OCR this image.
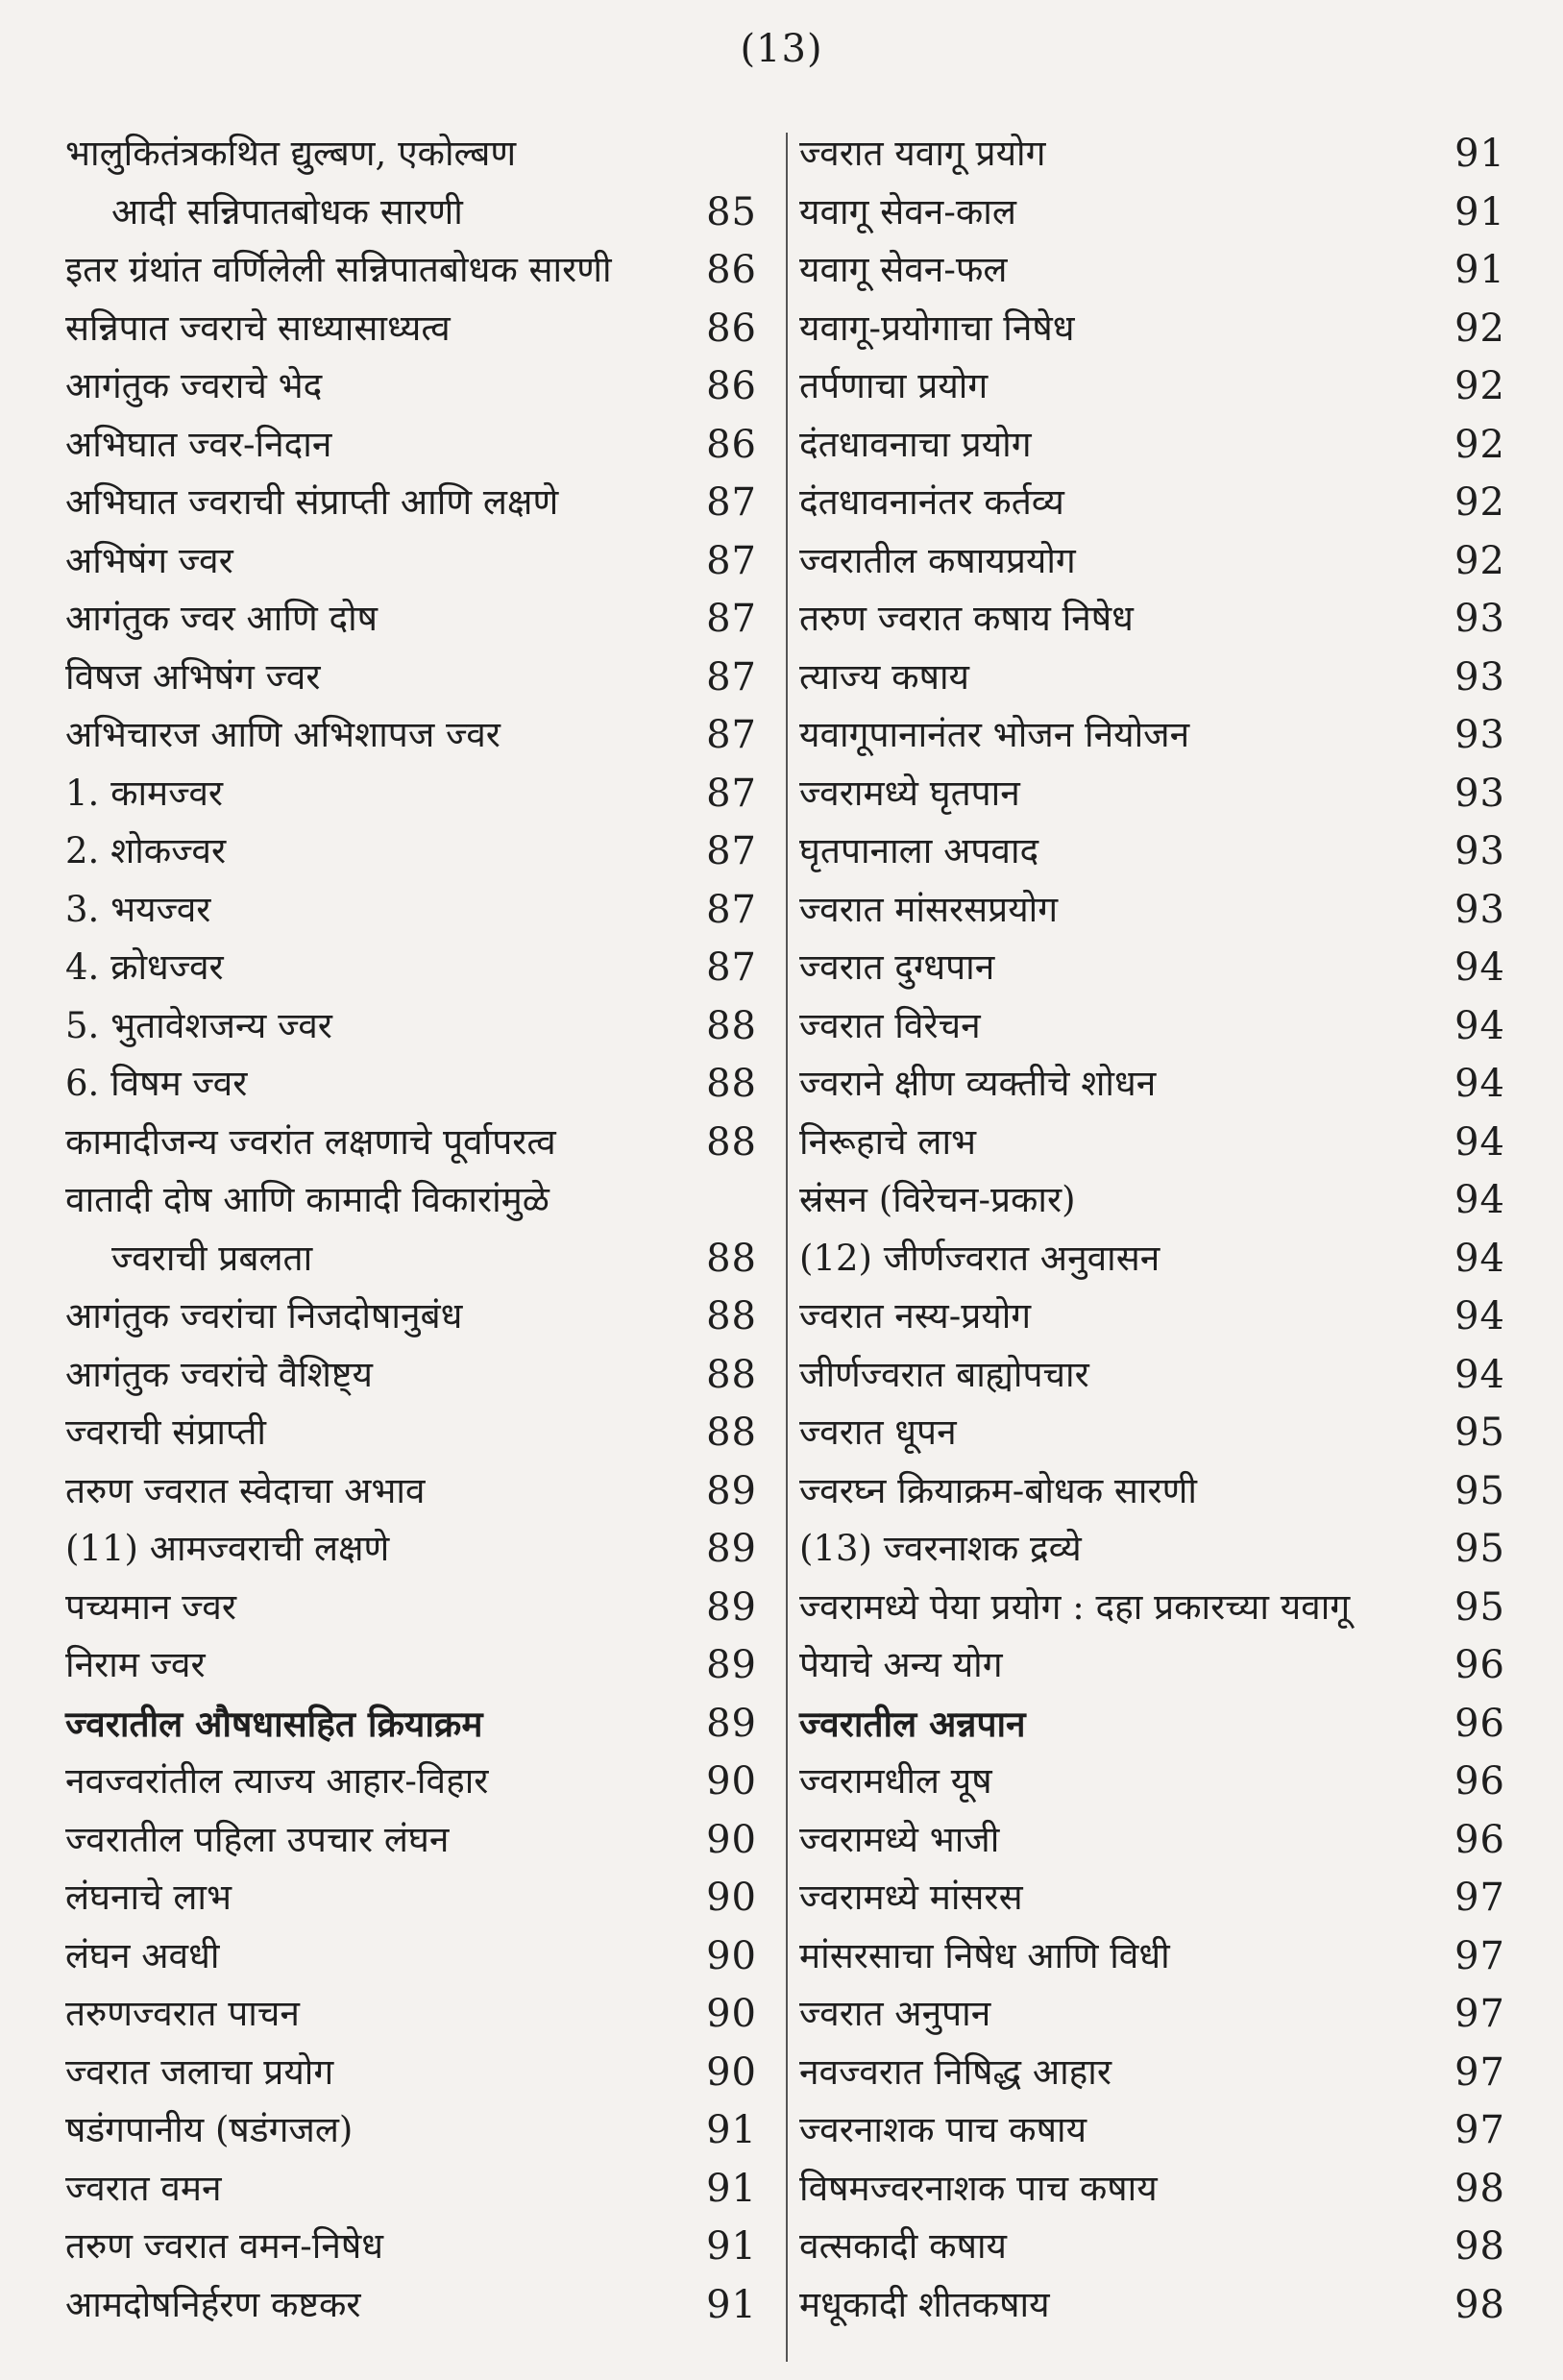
(13)
भालुकितंत्रकथित द्युल्बण, एकोल्बण
आदी सन्निपातबोधक सारणी	85
इतर ग्रंथांत वर्णिलेली सन्निपातबोधक सारणी 86
सन्निपात ज्वराचे साध्यासाध्यत्व	86
आगंतुक ज्वराचे भेद	86
अभिघात ज्वर-निदान	86
अभिघात ज्वराची संप्राप्ती आणि लक्षणे	87
अभिषंग ज्वर	87
आगंतुक ज्वर आणि दोष	87
विषज अभिषंग ज्वर	87
अभिचारज आणि अभिशापज ज्वर	87
1. कामज्वर	87
2. शोकज्वर	87
3. भयज्वर	87
4. क्रोधज्वर	87
5. भुतावेशजन्य ज्वर	88
6. विषम ज्वर	88
कामादीजन्य ज्वरांत लक्षणाचे पूर्वापरत्व	88
वातादी दोष आणि कामादी विकारांमुळे
ज्वराची प्रबलता	88
आगंतुक ज्वरांचा निजदोषानुबंध	88
आगंतुक ज्वरांचे वैशिष्ट्य	88
ज्वराची संप्राप्ती	88
तरुण ज्वरात स्वेदाचा अभाव	89
(11) आमज्वराची लक्षणे	89
पच्यमान ज्वर	89
निराम ज्वर	89
ज्वरातील औषधासहित क्रियाक्रम	89
नवज्वरांतील त्याज्य आहार-विहार	90
ज्वरातील पहिला उपचार लंघन	90
लंघनाचे लाभ	90
लंघन अवधी	90
तरुणज्वरात पाचन	90
ज्वरात जलाचा प्रयोग	90
षडंगपानीय (षडंगजल)	91
ज्वरात वमन	91
तरुण ज्वरात वमन-निषेध	91
आमदोषनिर्हरण कष्टकर	91
ज्वरात यवागू प्रयोग	91
यवागू सेवन-काल	91
यवागू सेवन-फल	91
यवागू-प्रयोगाचा निषेध	92
तर्पणाचा प्रयोग	92
दंतधावनाचा प्रयोग	92
दंतधावनानंतर कर्तव्य	92
ज्वरातील कषायप्रयोग	92
तरुण ज्वरात कषाय निषेध	93
त्याज्य कषाय	93
यवागूपानानंतर भोजन नियोजन	93
ज्वरामध्ये घृतपान	93
घृतपानाला अपवाद	93
ज्वरात मांसरसप्रयोग	93
ज्वरात दुग्धपान	94
ज्वरात विरेचन	94
ज्वराने क्षीण व्यक्तीचे शोधन	94
निरूहाचे लाभ	94
स्रंसन (विरेचन-प्रकार)	94
(12) जीर्णज्वरात अनुवासन	94
ज्वरात नस्य-प्रयोग	94
जीर्णज्वरात बाह्योपचार	94
ज्वरात धूपन	95
ज्वरघ्न क्रियाक्रम-बोधक सारणी	95
(13) ज्वरनाशक द्रव्ये	95
ज्वरामध्ये पेया प्रयोग : दहा प्रकारच्या यवागू	95
पेयाचे अन्य योग	96
ज्वरातील अन्नपान	96
ज्वरामधील यूष	96
ज्वरामध्ये भाजी	96
ज्वरामध्ये मांसरस	97
मांसरसाचा निषेध आणि विधी	97
ज्वरात अनुपान	97
नवज्वरात निषिद्ध आहार	97
ज्वरनाशक पाच कषाय	97
विषमज्वरनाशक पाच कषाय	98
वत्सकादी कषाय	98
मधूकादी शीतकषाय	98
